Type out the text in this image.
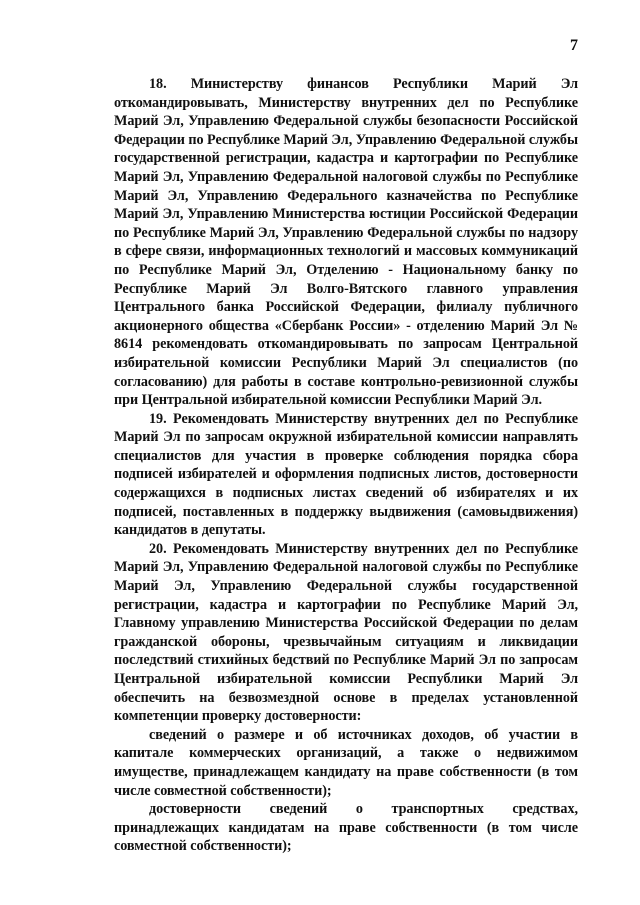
7

18. Министерству финансов Республики Марий Эл откомандировывать, Министерству внутренних дел по Республике Марий Эл, Управлению Федеральной службы безопасности Российской Федерации по Республике Марий Эл, Управлению Федеральной службы государственной регистрации, кадастра и картографии по Республике Марий Эл, Управлению Федеральной налоговой службы по Республике Марий Эл, Управлению Федерального казначейства по Республике Марий Эл, Управлению Министерства юстиции Российской Федерации по Республике Марий Эл, Управлению Федеральной службы по надзору в сфере связи, информационных технологий и массовых коммуникаций по Республике Марий Эл, Отделению - Национальному банку по Республике Марий Эл Волго-Вятского главного управления Центрального банка Российской Федерации, филиалу публичного акционерного общества «Сбербанк России» - отделению Марий Эл № 8614 рекомендовать откомандировывать по запросам Центральной избирательной комиссии Республики Марий Эл специалистов (по согласованию) для работы в составе контрольно-ревизионной службы при Центральной избирательной комиссии Республики Марий Эл.

19. Рекомендовать Министерству внутренних дел по Республике Марий Эл по запросам окружной избирательной комиссии направлять специалистов для участия в проверке соблюдения порядка сбора подписей избирателей и оформления подписных листов, достоверности содержащихся в подписных листах сведений об избирателях и их подписей, поставленных в поддержку выдвижения (самовыдвижения) кандидатов в депутаты.

20. Рекомендовать Министерству внутренних дел по Республике Марий Эл, Управлению Федеральной налоговой службы по Республике Марий Эл, Управлению Федеральной службы государственной регистрации, кадастра и картографии по Республике Марий Эл, Главному управлению Министерства Российской Федерации по делам гражданской обороны, чрезвычайным ситуациям и ликвидации последствий стихийных бедствий по Республике Марий Эл по запросам Центральной избирательной комиссии Республики Марий Эл обеспечить на безвозмездной основе в пределах установленной компетенции проверку достоверности:

сведений о размере и об источниках доходов, об участии в капитале коммерческих организаций, а также о недвижимом имуществе, принадлежащем кандидату на праве собственности (в том числе совместной собственности);

достоверности сведений о транспортных средствах, принадлежащих кандидатам на праве собственности (в том числе совместной собственности);
